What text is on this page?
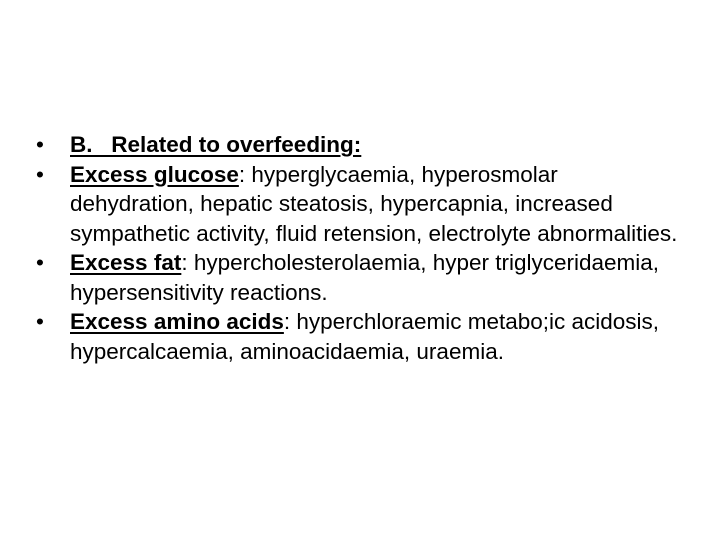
•	B.   Related to overfeeding:
•	Excess glucose: hyperglycaemia, hyperosmolar dehydration, hepatic steatosis, hypercapnia, increased sympathetic activity, fluid retension, electrolyte abnormalities.
•	Excess fat: hypercholesterolaemia, hyper triglyceridaemia, hypersensitivity reactions.
•	Excess amino acids: hyperchloraemic metabo;ic acidosis, hypercalcaemia, aminoacidaemia, uraemia.
